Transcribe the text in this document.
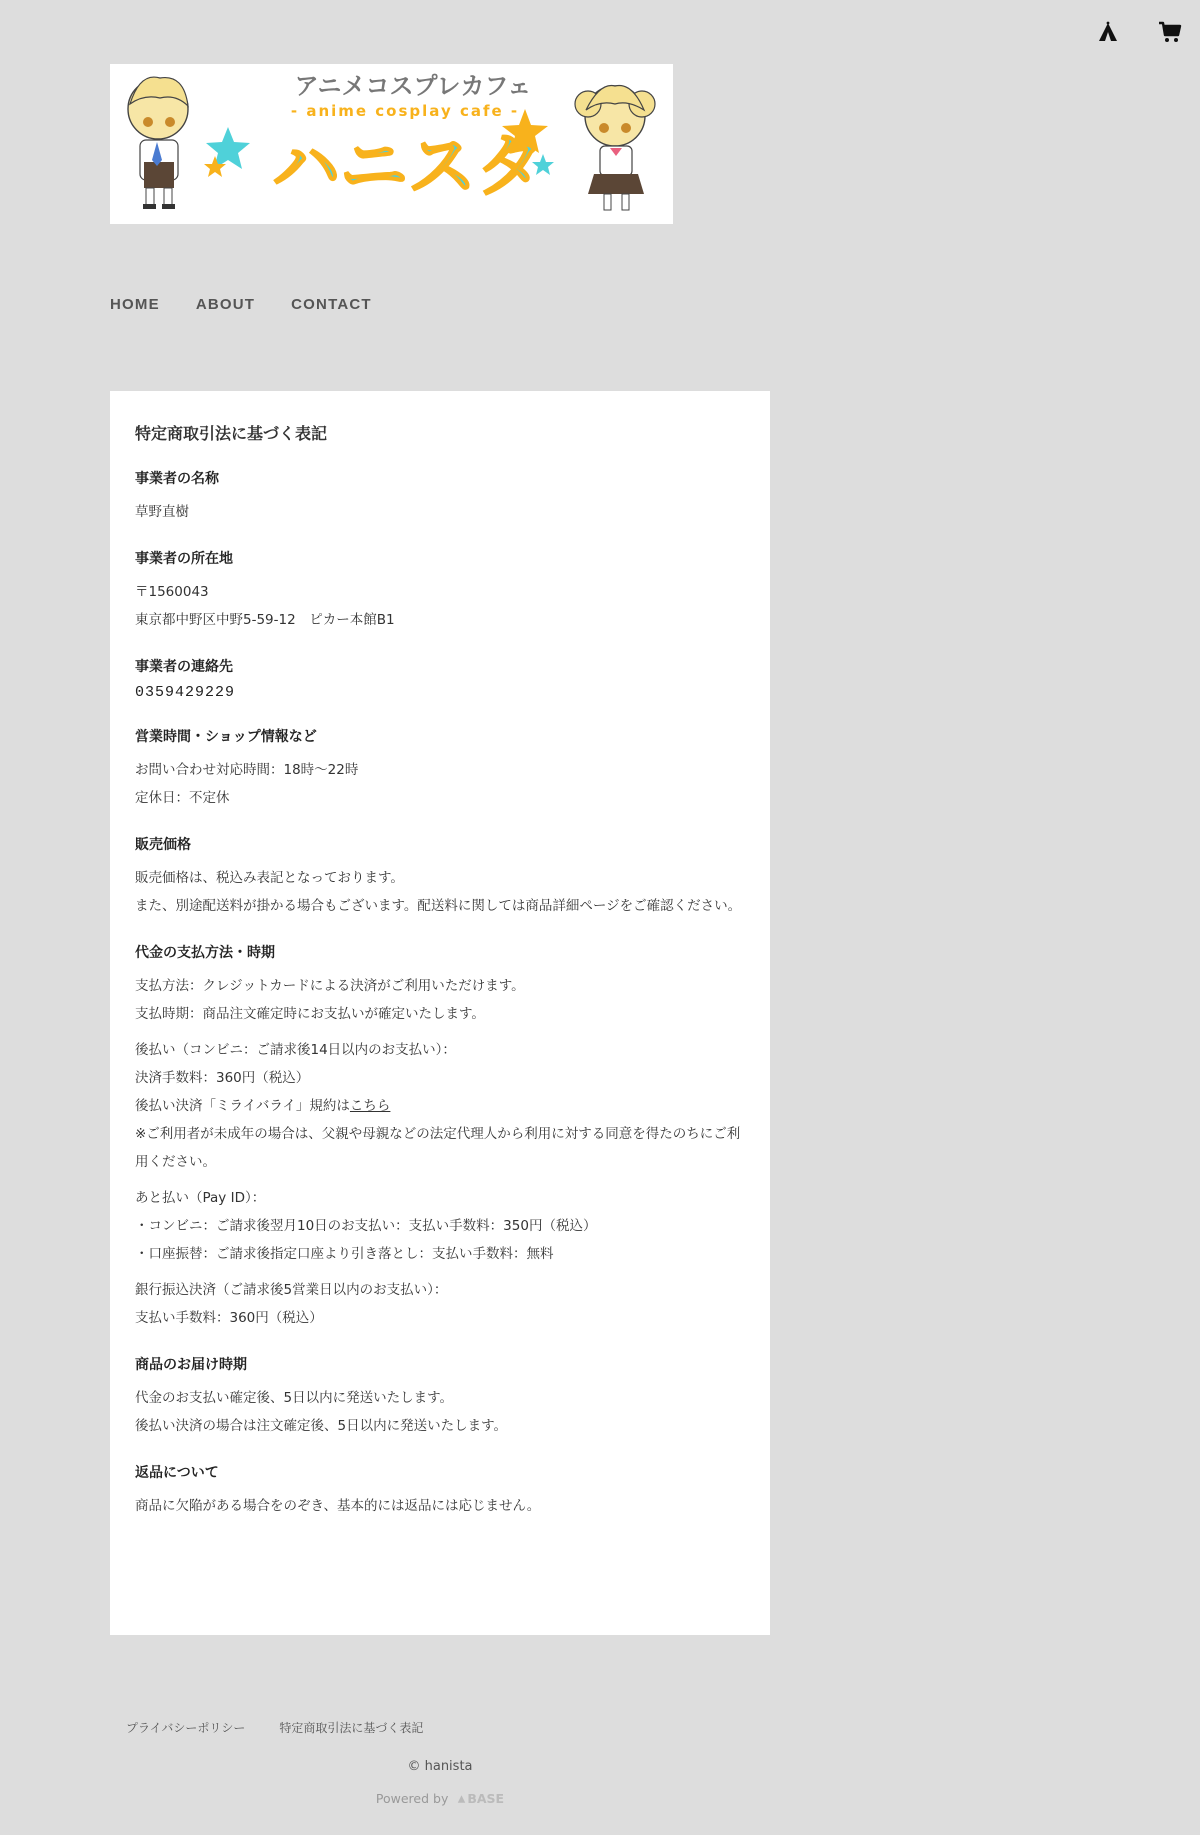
アニメコスプレカフェ
- anime cosplay cafe -
ハニスタ
HOME ABOUT CONTACT
特定商取引法に基づく表記
事業者の名称

草野直樹

事業者の所在地

〒1560043

東京都中野区中野5-59-12　ピカー本館B1

事業者の連絡先
0359429229
営業時間・ショップ情報など

お問い合わせ対応時間：18時～22時

定休日：不定休

販売価格

販売価格は、税込み表記となっております。

また、別途配送料が掛かる場合もございます。配送料に関しては商品詳細ページをご確認ください。

代金の支払方法・時期

支払方法：クレジットカードによる決済がご利用いただけます。

支払時期：商品注文確定時にお支払いが確定いたします。

後払い（コンビニ：ご請求後14日以内のお支払い）：

決済手数料：360円（税込）

後払い決済「ミライバライ」規約はこちら

※ご利用者が未成年の場合は、父親や母親などの法定代理人から利用に対する同意を得たのちにご利用ください。

あと払い（Pay ID）：

・コンビニ：ご請求後翌月10日のお支払い：支払い手数料：350円（税込）

・口座振替：ご請求後指定口座より引き落とし：支払い手数料：無料

銀行振込決済（ご請求後5営業日以内のお支払い）：

支払い手数料：360円（税込）

商品のお届け時期

代金のお支払い確定後、5日以内に発送いたします。

後払い決済の場合は注文確定後、5日以内に発送いたします。

返品について

商品に欠陥がある場合をのぞき、基本的には返品には応じません。

プライバシーポリシー	特定商取引法に基づく表記
© hanista
Powered by BASE
